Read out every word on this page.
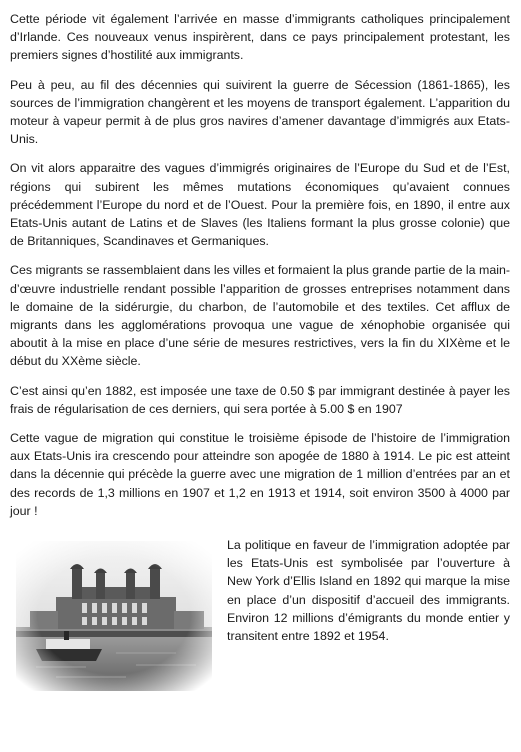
Cette période vit également l’arrivée en masse d’immigrants catholiques principalement d’Irlande. Ces nouveaux venus inspirèrent, dans ce pays principalement protestant, les premiers signes d’hostilité aux immigrants.

Peu à peu, au fil des décennies qui suivirent la guerre de Sécession (1861-1865), les sources de l’immigration changèrent et les moyens de transport également. L’apparition du moteur à vapeur permit à de plus gros navires d’amener davantage d’immigrés aux Etats-Unis.

On vit alors apparaitre des vagues d’immigrés originaires de l’Europe du Sud et de l’Est, régions qui subirent les mêmes mutations économiques qu’avaient connues précédemment l’Europe du nord et de l’Ouest. Pour la première fois, en 1890, il entre aux Etats-Unis autant de Latins et de Slaves (les Italiens formant la plus grosse colonie) que de Britanniques, Scandinaves et Germaniques.

Ces migrants se rassemblaient dans les villes et formaient la plus grande partie de la main-d’œuvre industrielle rendant possible l’apparition de grosses entreprises notamment dans le domaine de la sidérurgie, du charbon, de l’automobile et des textiles. Cet afflux de migrants dans les agglomérations provoqua une vague de xénophobie organisée qui aboutit à la mise en place d’une série de mesures restrictives, vers la fin du XIXème et le début du XXème siècle.

C’est ainsi qu’en 1882, est imposée une taxe de 0.50 $ par immigrant destinée à payer les frais de régularisation de ces derniers, qui sera portée à 5.00 $ en 1907

Cette vague de migration qui constitue le troisième épisode de l’histoire de l’immigration aux Etats-Unis ira crescendo pour atteindre son apogée de 1880 à 1914. Le pic est atteint dans la décennie qui précède la guerre avec une migration de 1 million d’entrées par an et des records de 1,3 millions en 1907 et 1,2 en 1913 et 1914, soit environ 3500 à 4000 par jour !

La politique en faveur de l’immigration adoptée par les Etats-Unis est symbolisée par l’ouverture à New York d’Ellis Island en 1892 qui marque la mise en place d’un dispositif d’accueil des immigrants. Environ 12 millions d’émigrants du monde entier y transitent entre 1892 et 1954.
